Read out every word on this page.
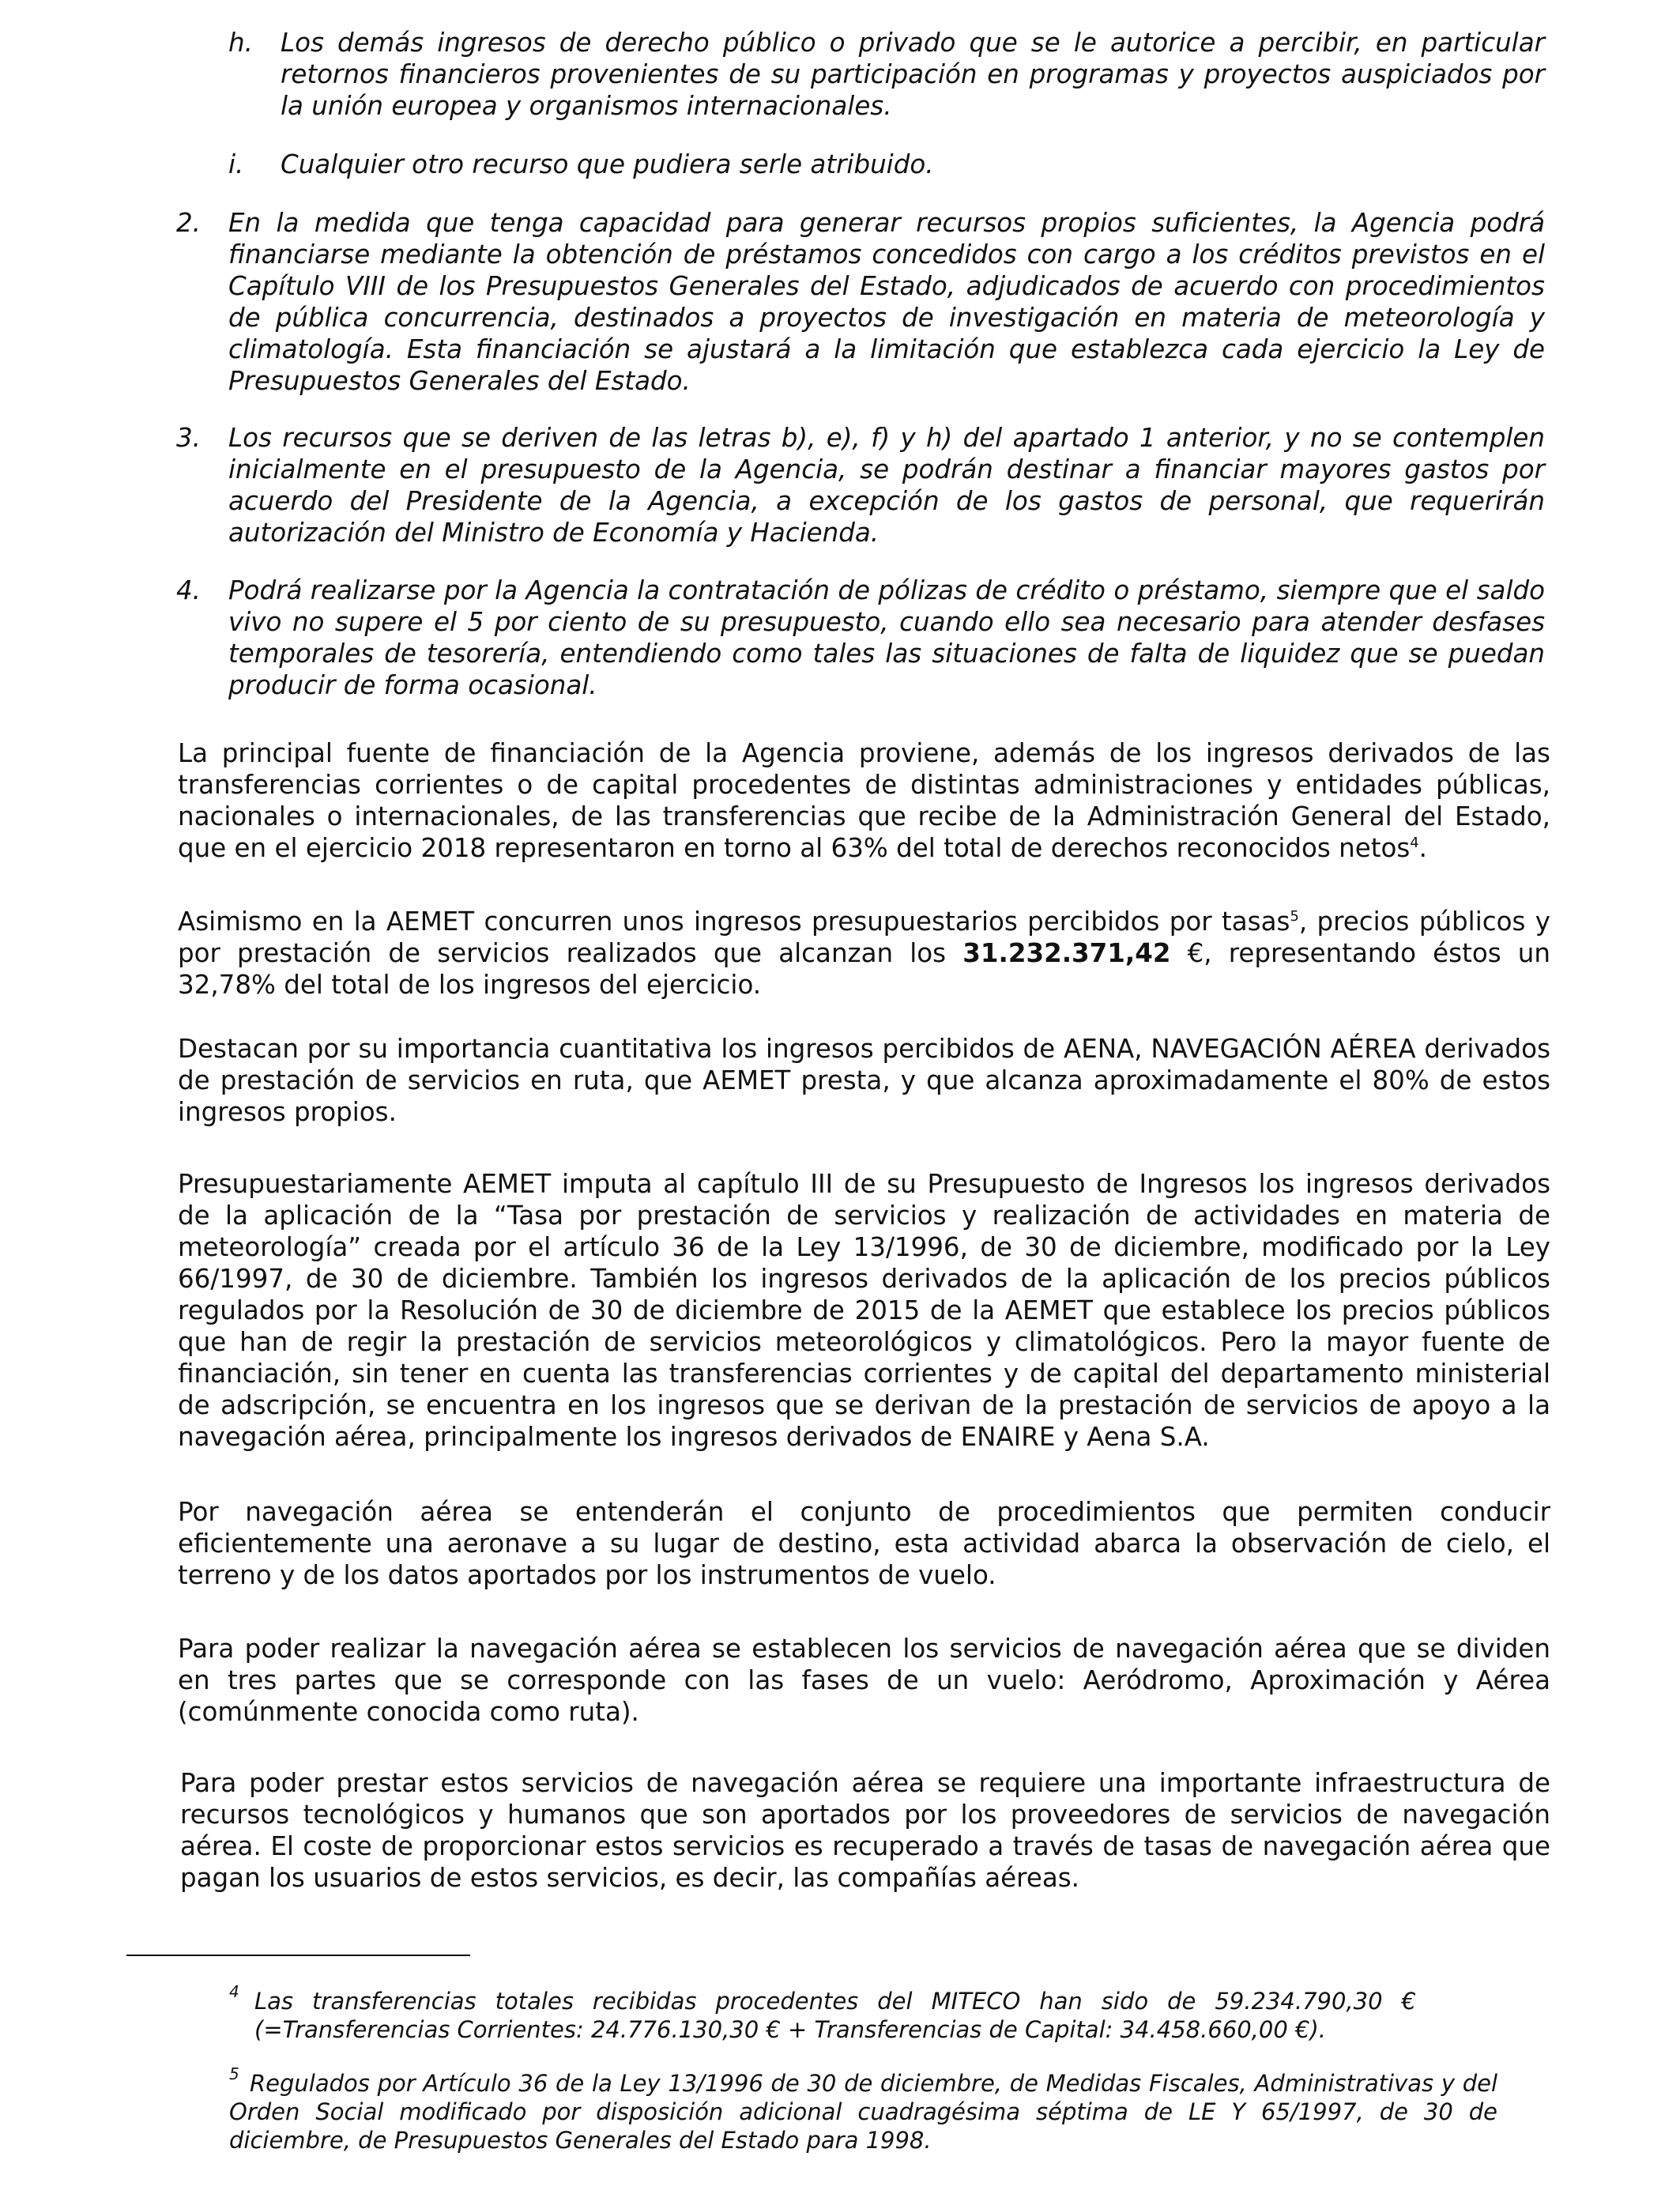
h. Los demás ingresos de derecho público o privado que se le autorice a percibir, en particular retornos financieros provenientes de su participación en programas y proyectos auspiciados por la unión europea y organismos internacionales.

i. Cualquier otro recurso que pudiera serle atribuido.

2. En la medida que tenga capacidad para generar recursos propios suficientes, la Agencia podrá financiarse mediante la obtención de préstamos concedidos con cargo a los créditos previstos en el Capítulo VIII de los Presupuestos Generales del Estado, adjudicados de acuerdo con procedimientos de pública concurrencia, destinados a proyectos de investigación en materia de meteorología y climatología. Esta financiación se ajustará a la limitación que establezca cada ejercicio la Ley de Presupuestos Generales del Estado.

3. Los recursos que se deriven de las letras b), e), f) y h) del apartado 1 anterior, y no se contemplen inicialmente en el presupuesto de la Agencia, se podrán destinar a financiar mayores gastos por acuerdo del Presidente de la Agencia, a excepción de los gastos de personal, que requerirán autorización del Ministro de Economía y Hacienda.

4. Podrá realizarse por la Agencia la contratación de pólizas de crédito o préstamo, siempre que el saldo vivo no supere el 5 por ciento de su presupuesto, cuando ello sea necesario para atender desfases temporales de tesorería, entendiendo como tales las situaciones de falta de liquidez que se puedan producir de forma ocasional.

La principal fuente de financiación de la Agencia proviene, además de los ingresos derivados de las transferencias corrientes o de capital procedentes de distintas administraciones y entidades públicas, nacionales o internacionales, de las transferencias que recibe de la Administración General del Estado, que en el ejercicio 2018 representaron en torno al 63% del total de derechos reconocidos netos$^4$.

Asimismo en la AEMET concurren unos ingresos presupuestarios percibidos por tasas$^5$, precios públicos y por prestación de servicios realizados que alcanzan los 31.232.371,42 €, representando éstos un 32,78% del total de los ingresos del ejercicio.

Destacan por su importancia cuantitativa los ingresos percibidos de AENA, NAVEGACIÓN AÉREA derivados de prestación de servicios en ruta, que AEMET presta, y que alcanza aproximadamente el 80% de estos ingresos propios.

Presupuestariamente AEMET imputa al capítulo III de su Presupuesto de Ingresos los ingresos derivados de la aplicación de la “Tasa por prestación de servicios y realización de actividades en materia de meteorología” creada por el artículo 36 de la Ley 13/1996, de 30 de diciembre, modificado por la Ley 66/1997, de 30 de diciembre. También los ingresos derivados de la aplicación de los precios públicos regulados por la Resolución de 30 de diciembre de 2015 de la AEMET que establece los precios públicos que han de regir la prestación de servicios meteorológicos y climatológicos. Pero la mayor fuente de financiación, sin tener en cuenta las transferencias corrientes y de capital del departamento ministerial de adscripción, se encuentra en los ingresos que se derivan de la prestación de servicios de apoyo a la navegación aérea, principalmente los ingresos derivados de ENAIRE y Aena S.A.

Por navegación aérea se entenderán el conjunto de procedimientos que permiten conducir eficientemente una aeronave a su lugar de destino, esta actividad abarca la observación de cielo, el terreno y de los datos aportados por los instrumentos de vuelo.

Para poder realizar la navegación aérea se establecen los servicios de navegación aérea que se dividen en tres partes que se corresponde con las fases de un vuelo: Aeródromo, Aproximación y Aérea (comúnmente conocida como ruta).

Para poder prestar estos servicios de navegación aérea se requiere una importante infraestructura de recursos tecnológicos y humanos que son aportados por los proveedores de servicios de navegación aérea. El coste de proporcionar estos servicios es recuperado a través de tasas de navegación aérea que pagan los usuarios de estos servicios, es decir, las compañías aéreas.

4 Las transferencias totales recibidas procedentes del MITECO han sido de 59.234.790,30 € (=Transferencias Corrientes: 24.776.130,30 € + Transferencias de Capital: 34.458.660,00 €).

5 Regulados por Artículo 36 de la Ley 13/1996 de 30 de diciembre, de Medidas Fiscales, Administrativas y del Orden Social modificado por disposición adicional cuadragésima séptima de LE Y 65/1997, de 30 de diciembre, de Presupuestos Generales del Estado para 1998.
